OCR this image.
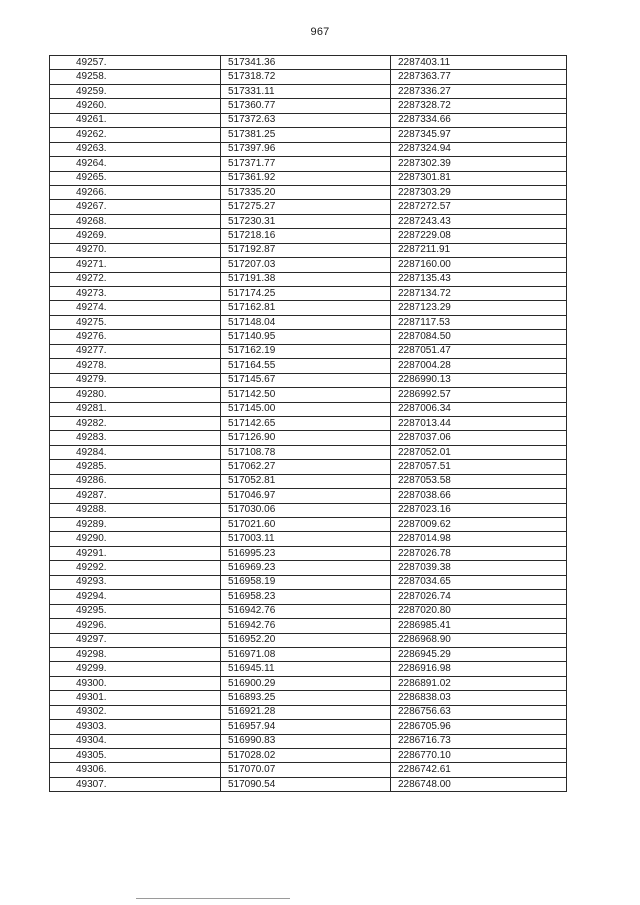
967
49257.	517341.36	2287403.11
49258.	517318.72	2287363.77
49259.	517331.11	2287336.27
49260.	517360.77	2287328.72
49261.	517372.63	2287334.66
49262.	517381.25	2287345.97
49263.	517397.96	2287324.94
49264.	517371.77	2287302.39
49265.	517361.92	2287301.81
49266.	517335.20	2287303.29
49267.	517275.27	2287272.57
49268.	517230.31	2287243.43
49269.	517218.16	2287229.08
49270.	517192.87	2287211.91
49271.	517207.03	2287160.00
49272.	517191.38	2287135.43
49273.	517174.25	2287134.72
49274.	517162.81	2287123.29
49275.	517148.04	2287117.53
49276.	517140.95	2287084.50
49277.	517162.19	2287051.47
49278.	517164.55	2287004.28
49279.	517145.67	2286990.13
49280.	517142.50	2286992.57
49281.	517145.00	2287006.34
49282.	517142.65	2287013.44
49283.	517126.90	2287037.06
49284.	517108.78	2287052.01
49285.	517062.27	2287057.51
49286.	517052.81	2287053.58
49287.	517046.97	2287038.66
49288.	517030.06	2287023.16
49289.	517021.60	2287009.62
49290.	517003.11	2287014.98
49291.	516995.23	2287026.78
49292.	516969.23	2287039.38
49293.	516958.19	2287034.65
49294.	516958.23	2287026.74
49295.	516942.76	2287020.80
49296.	516942.76	2286985.41
49297.	516952.20	2286968.90
49298.	516971.08	2286945.29
49299.	516945.11	2286916.98
49300.	516900.29	2286891.02
49301.	516893.25	2286838.03
49302.	516921.28	2286756.63
49303.	516957.94	2286705.96
49304.	516990.83	2286716.73
49305.	517028.02	2286770.10
49306.	517070.07	2286742.61
49307.	517090.54	2286748.00
